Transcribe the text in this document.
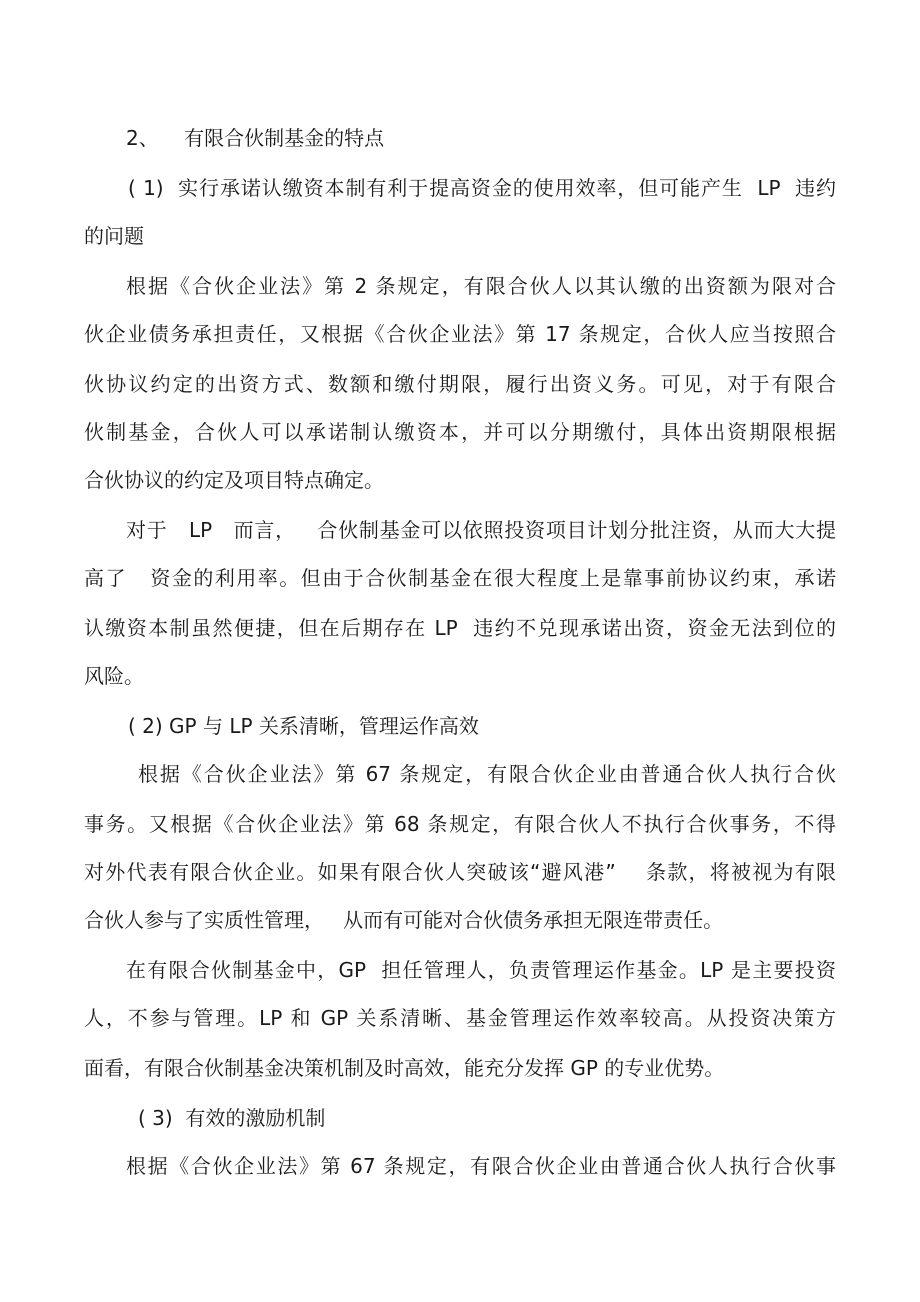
2、    有限合伙制基金的特点
( 1)  实行承诺认缴资本制有利于提高资金的使用效率，但可能产生  LP  违约
的问题
根据《合伙企业法》第 2 条规定，有限合伙人以其认缴的出资额为限对合
伙企业债务承担责任，又根据《合伙企业法》第 17 条规定，合伙人应当按照合
伙协议约定的出资方式、数额和缴付期限，履行出资义务。可见，对于有限合
伙制基金，合伙人可以承诺制认缴资本，并可以分期缴付，具体出资期限根据
合伙协议的约定及项目特点确定。
对于   LP   而言，   合伙制基金可以依照投资项目计划分批注资，从而大大提
高了   资金的利用率。但由于合伙制基金在很大程度上是靠事前协议约束，承诺
认缴资本制虽然便捷，但在后期存在 LP  违约不兑现承诺出资，资金无法到位的
风险。
( 2) GP 与 LP 关系清晰，管理运作高效
根据《合伙企业法》第 67 条规定，有限合伙企业由普通合伙人执行合伙
事务。又根据《合伙企业法》第 68 条规定，有限合伙人不执行合伙事务，不得
对外代表有限合伙企业。如果有限合伙人突破该“避风港”    条款，将被视为有限
合伙人参与了实质性管理，   从而有可能对合伙债务承担无限连带责任。
在有限合伙制基金中，GP  担任管理人，负责管理运作基金。LP 是主要投资
人，不参与管理。LP 和 GP 关系清晰、基金管理运作效率较高。从投资决策方
面看，有限合伙制基金决策机制及时高效，能充分发挥 GP 的专业优势。
( 3)  有效的激励机制
根据《合伙企业法》第 67 条规定，有限合伙企业由普通合伙人执行合伙事
